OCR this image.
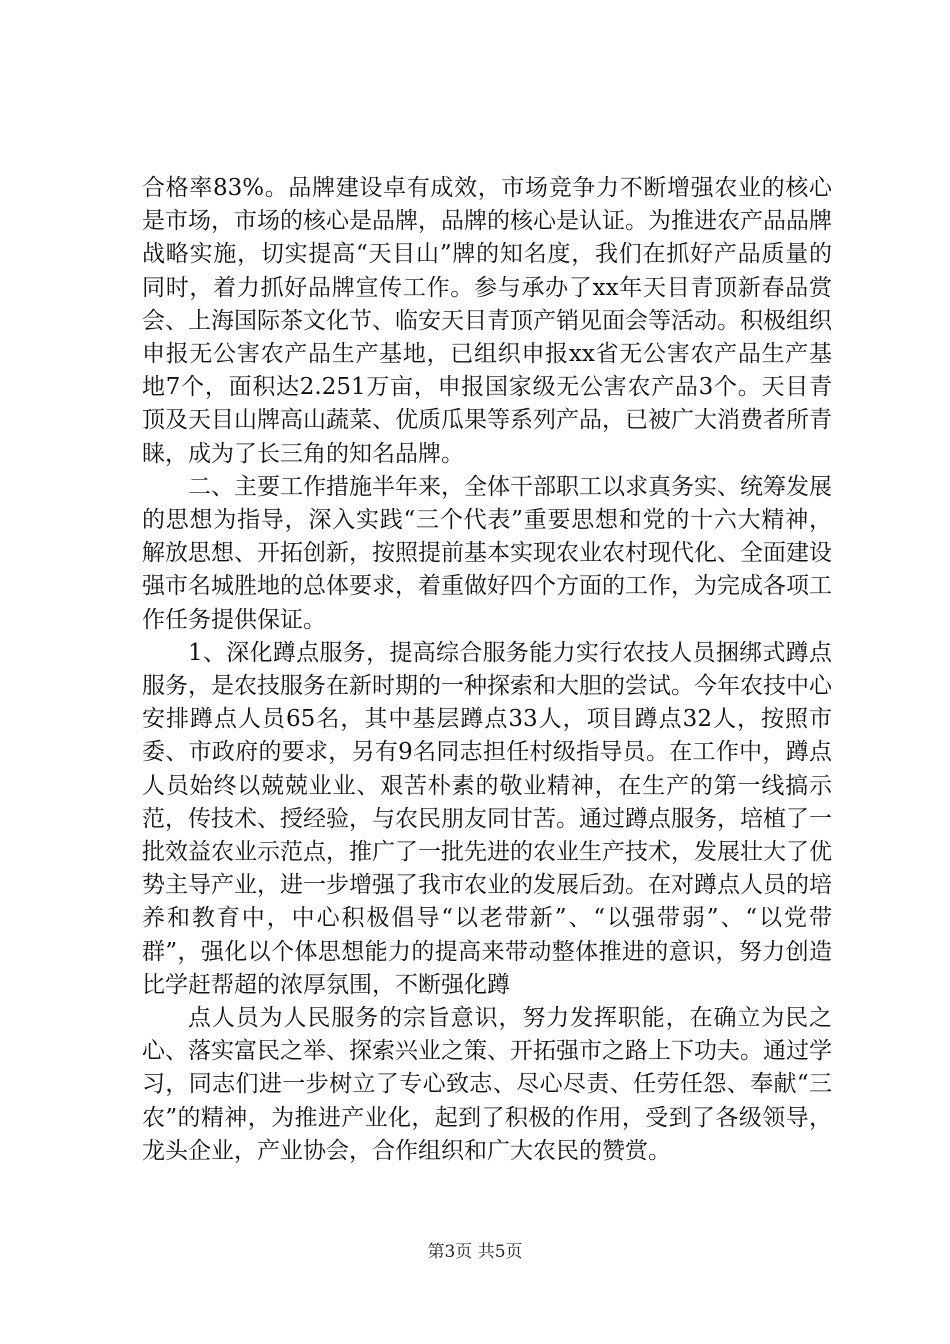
合格率83%。品牌建设卓有成效，市场竞争力不断增强农业的核心是市场，市场的核心是品牌，品牌的核心是认证。为推进农产品品牌战略实施，切实提高“天目山”牌的知名度，我们在抓好产品质量的同时，着力抓好品牌宣传工作。参与承办了xx年天目青顶新春品赏会、上海国际茶文化节、临安天目青顶产销见面会等活动。积极组织申报无公害农产品生产基地，已组织申报xx省无公害农产品生产基地7个，面积达2.251万亩，申报国家级无公害农产品3个。天目青顶及天目山牌高山蔬菜、优质瓜果等系列产品，已被广大消费者所青睐，成为了长三角的知名品牌。

二、主要工作措施半年来，全体干部职工以求真务实、统筹发展的思想为指导，深入实践“三个代表”重要思想和党的十六大精神，解放思想、开拓创新，按照提前基本实现农业农村现代化、全面建设强市名城胜地的总体要求，着重做好四个方面的工作，为完成各项工作任务提供保证。

1、深化蹲点服务，提高综合服务能力实行农技人员捆绑式蹲点服务，是农技服务在新时期的一种探索和大胆的尝试。今年农技中心安排蹲点人员65名，其中基层蹲点33人，项目蹲点32人，按照市委、市政府的要求，另有9名同志担任村级指导员。在工作中，蹲点人员始终以兢兢业业、艰苦朴素的敬业精神，在生产的第一线搞示范，传技术、授经验，与农民朋友同甘苦。通过蹲点服务，培植了一批效益农业示范点，推广了一批先进的农业生产技术，发展壮大了优势主导产业，进一步增强了我市农业的发展后劲。在对蹲点人员的培养和教育中，中心积极倡导“以老带新”、“以强带弱”、“以党带群”，强化以个体思想能力的提高来带动整体推进的意识，努力创造比学赶帮超的浓厚氛围，不断强化蹲

点人员为人民服务的宗旨意识，努力发挥职能，在确立为民之心、落实富民之举、探索兴业之策、开拓强市之路上下功夫。通过学习，同志们进一步树立了专心致志、尽心尽责、任劳任怨、奉献“三农”的精神，为推进产业化，起到了积极的作用，受到了各级领导，龙头企业，产业协会，合作组织和广大农民的赞赏。

第3页 共5页
